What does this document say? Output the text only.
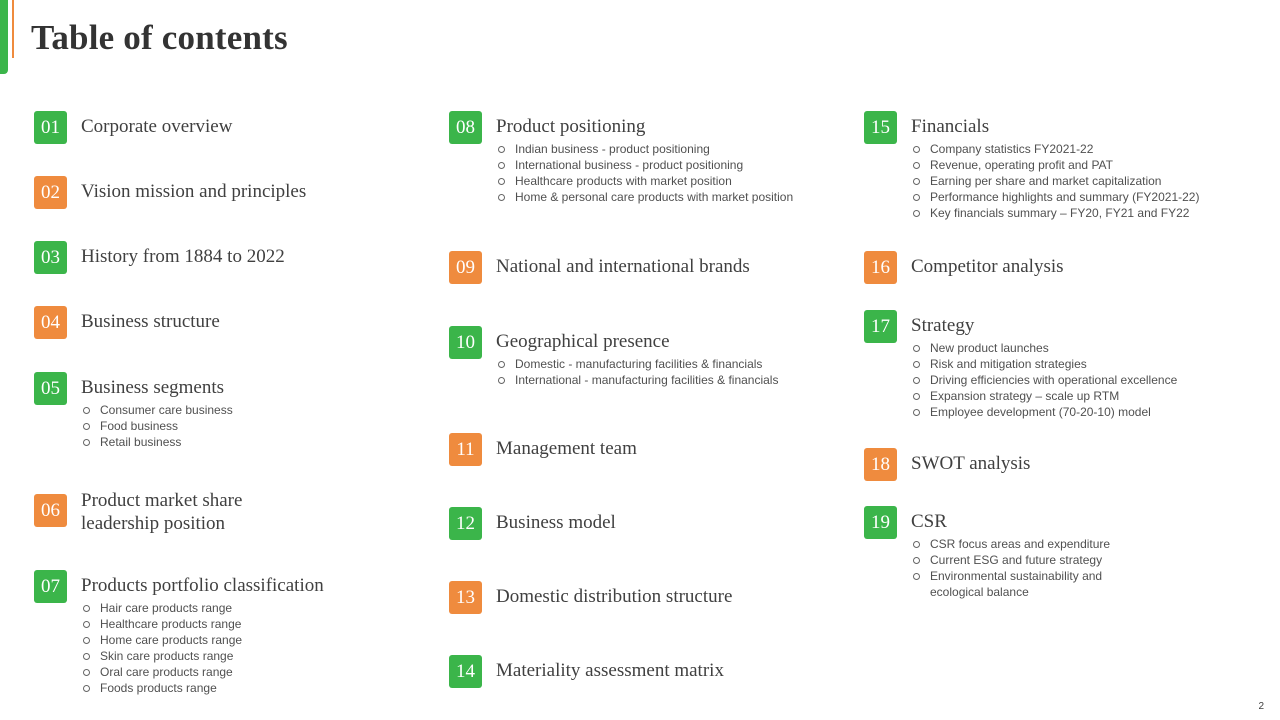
Table of contents
01	Corporate overview
02	Vision mission and principles
03	History from 1884 to 2022
04	Business structure
05	Business segments
Consumer care business
Food business
Retail business
06	Product market share
leadership position
07	Products portfolio classification
Hair care products range
Healthcare products range
Home care products range
Skin care products range
Oral care products range
Foods products range
08	Product positioning
Indian business - product positioning
International business - product positioning
Healthcare products with market position
Home & personal care products with market position
09	National and international brands
10	Geographical presence
Domestic - manufacturing facilities & financials
International - manufacturing facilities & financials
11	Management team
12	Business model
13	Domestic distribution structure
14	Materiality assessment matrix
15	Financials
Company statistics FY2021-22
Revenue, operating profit and PAT
Earning per share and market capitalization
Performance highlights and summary (FY2021-22)
Key financials summary – FY20, FY21 and FY22
16	Competitor analysis
17	Strategy
New product launches
Risk and mitigation strategies
Driving efficiencies with operational excellence
Expansion strategy – scale up RTM
Employee development (70-20-10) model
18	SWOT analysis
19	CSR
CSR focus areas and expenditure
Current ESG and future strategy
Environmental sustainability and
ecological balance
2
